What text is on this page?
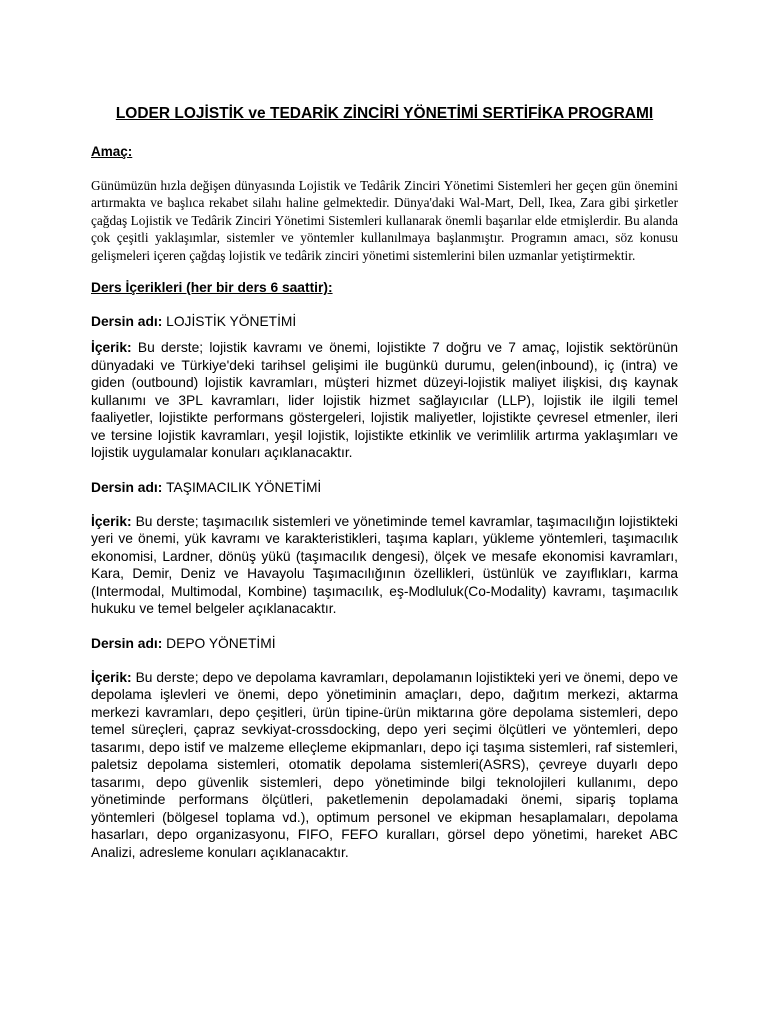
LODER LOJİSTİK ve TEDARİK ZİNCİRİ YÖNETİMİ SERTİFİKA PROGRAMI
Amaç:

Günümüzün hızla değişen dünyasında Lojistik ve Tedârik Zinciri Yönetimi Sistemleri her geçen gün önemini artırmakta ve başlıca rekabet silahı haline gelmektedir. Dünya'daki Wal-Mart, Dell, Ikea, Zara gibi şirketler çağdaş Lojistik ve Tedârik Zinciri Yönetimi Sistemleri kullanarak önemli başarılar elde etmişlerdir. Bu alanda çok çeşitli yaklaşımlar, sistemler ve yöntemler kullanılmaya başlanmıştır. Programın amacı, söz konusu gelişmeleri içeren çağdaş lojistik ve tedârik zinciri yönetimi sistemlerini bilen uzmanlar yetiştirmektir.

Ders İçerikleri (her bir ders 6 saattir):
Dersin adı: LOJİSTİK YÖNETİMİ

İçerik: Bu derste; lojistik kavramı ve önemi, lojistikte 7 doğru ve 7 amaç, lojistik sektörünün dünyadaki ve Türkiye'deki tarihsel gelişimi ile bugünkü durumu, gelen(inbound), iç (intra) ve giden (outbound) lojistik kavramları, müşteri hizmet düzeyi-lojistik maliyet ilişkisi, dış kaynak kullanımı ve 3PL kavramları, lider lojistik hizmet sağlayıcılar (LLP), lojistik ile ilgili temel faaliyetler, lojistikte performans göstergeleri, lojistik maliyetler, lojistikte çevresel etmenler, ileri ve tersine lojistik kavramları, yeşil lojistik, lojistikte etkinlik ve verimlilik artırma yaklaşımları ve lojistik uygulamalar konuları açıklanacaktır.

Dersin adı: TAŞIMACILIK YÖNETİMİ

İçerik: Bu derste; taşımacılık sistemleri ve yönetiminde temel kavramlar, taşımacılığın lojistikteki yeri ve önemi, yük kavramı ve karakteristikleri, taşıma kapları, yükleme yöntemleri, taşımacılık ekonomisi, Lardner, dönüş yükü (taşımacılık dengesi), ölçek ve mesafe ekonomisi kavramları, Kara, Demir, Deniz ve Havayolu Taşımacılığının özellikleri, üstünlük ve zayıflıkları, karma (Intermodal, Multimodal, Kombine) taşımacılık, eş-Modluluk(Co-Modality) kavramı, taşımacılık hukuku ve temel belgeler açıklanacaktır.

Dersin adı: DEPO YÖNETİMİ

İçerik: Bu derste; depo ve depolama kavramları, depolamanın lojistikteki yeri ve önemi, depo ve depolama işlevleri ve önemi, depo yönetiminin amaçları, depo, dağıtım merkezi, aktarma merkezi kavramları, depo çeşitleri, ürün tipine-ürün miktarına göre depolama sistemleri, depo temel süreçleri, çapraz sevkiyat-crossdocking, depo yeri seçimi ölçütleri ve yöntemleri, depo tasarımı, depo istif ve malzeme elleçleme ekipmanları, depo içi taşıma sistemleri, raf sistemleri, paletsiz depolama sistemleri, otomatik depolama sistemleri(ASRS), çevreye duyarlı depo tasarımı, depo güvenlik sistemleri, depo yönetiminde bilgi teknolojileri kullanımı, depo yönetiminde performans ölçütleri, paketlemenin depolamadaki önemi, sipariş toplama yöntemleri (bölgesel toplama vd.), optimum personel ve ekipman hesaplamaları, depolama hasarları, depo organizasyonu, FIFO, FEFO kuralları, görsel depo yönetimi, hareket ABC Analizi, adresleme konuları açıklanacaktır.
